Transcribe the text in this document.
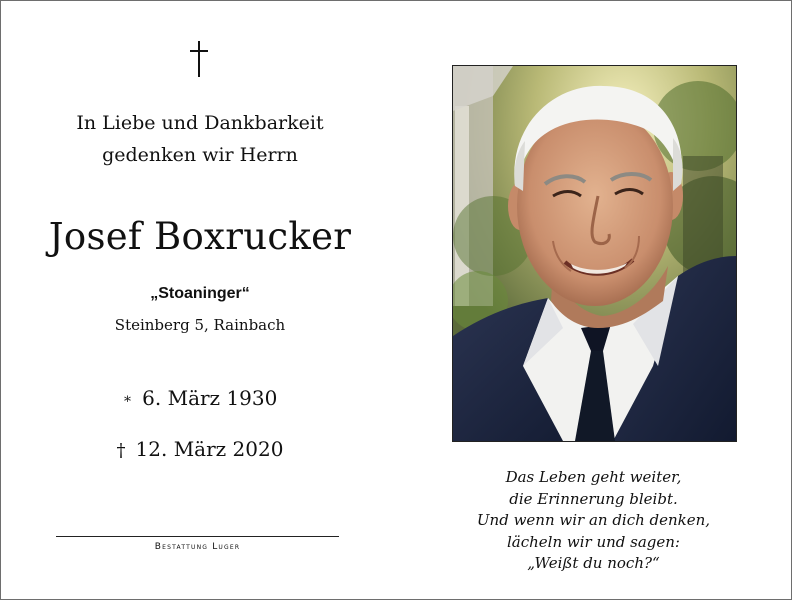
In Liebe und Dankbarkeit
gedenken wir Herrn
Josef Boxrucker
„Stoaninger“
Steinberg 5, Rainbach
∗ 6. März 1930
† 12. März 2020
Bestattung Luger
Das Leben geht weiter,
die Erinnerung bleibt.
Und wenn wir an dich denken,
lächeln wir und sagen:
„Weißt du noch?“
